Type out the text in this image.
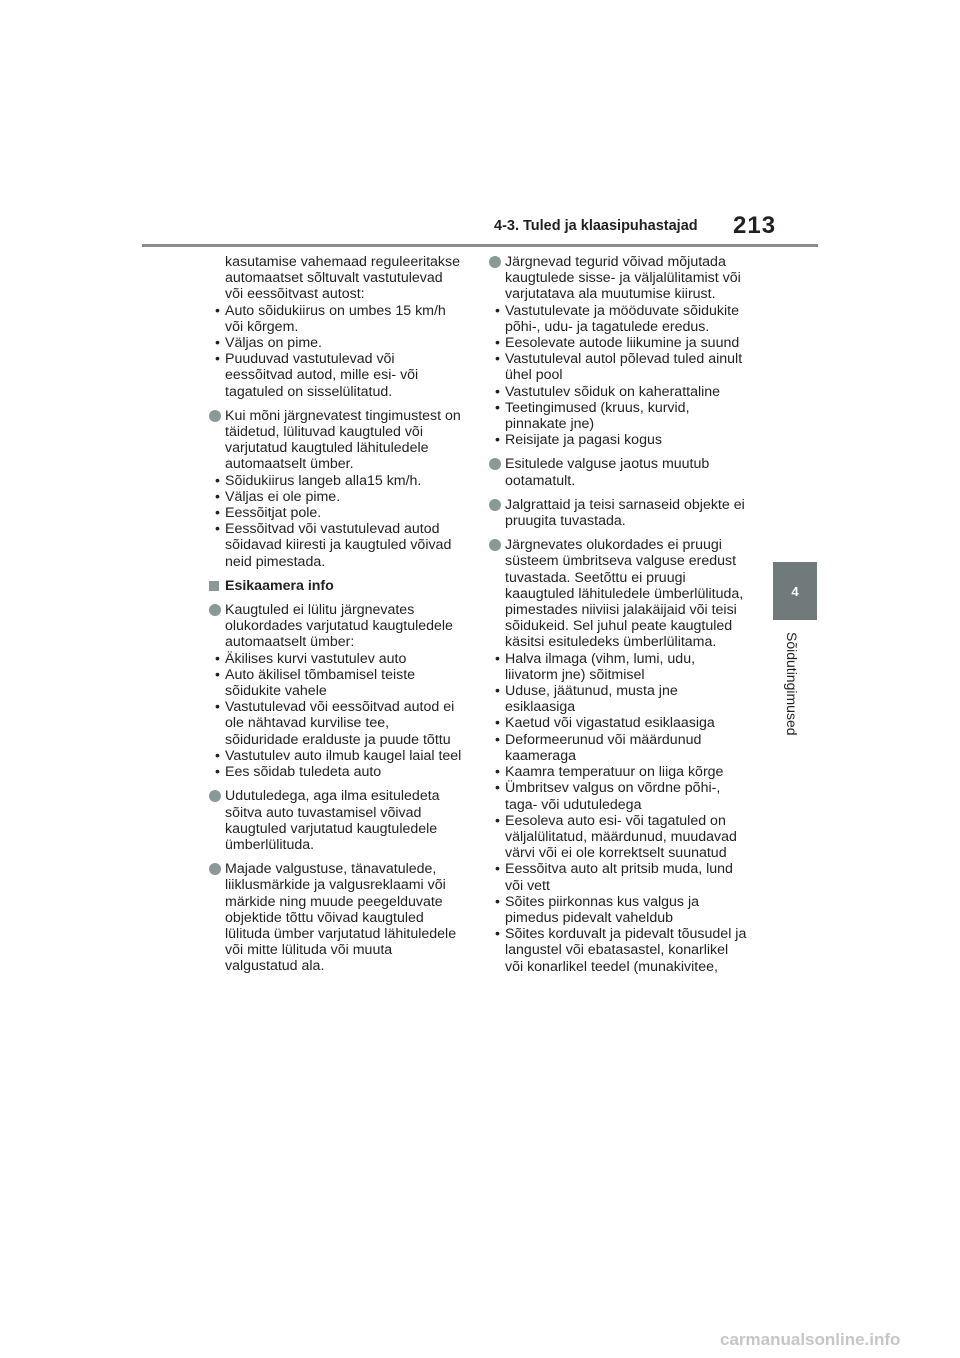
4-3. Tuled ja klaasipuhastajad 213
4
Sõidutingimused
kasutamise vahemaad reguleeritakse
automaatset sõltuvalt vastutulevad
või eessõitvast autost:
• Auto sõidukiirus on umbes 15 km/h
või kõrgem.
• Väljas on pime.
• Puuduvad vastutulevad või
eessõitvad autod, mille esi- või
tagatuled on sisselülitatud.
Kui mõni järgnevatest tingimustest on
täidetud, lülituvad kaugtuled või
varjutatud kaugtuled lähituledele
automaatselt ümber.
• Sõidukiirus langeb alla15 km/h.
• Väljas ei ole pime.
• Eessõitjat pole.
• Eessõitvad või vastutulevad autod
sõidavad kiiresti ja kaugtuled võivad
neid pimestada.
Esikaamera info
Kaugtuled ei lülitu järgnevates
olukordades varjutatud kaugtuledele
automaatselt ümber:
• Äkilises kurvi vastutulev auto
• Auto äkilisel tõmbamisel teiste
sõidukite vahele
• Vastutulevad või eessõitvad autod ei
ole nähtavad kurvilise tee,
sõiduridade eralduste ja puude tõttu
• Vastutulev auto ilmub kaugel laial teel
• Ees sõidab tuledeta auto
Udutuledega, aga ilma esituledeta
sõitva auto tuvastamisel võivad
kaugtuled varjutatud kaugtuledele
ümberlülituda.
Majade valgustuse, tänavatulede,
liiklusmärkide ja valgusreklaami või
märkide ning muude peegelduvate
objektide tõttu võivad kaugtuled
lülituda ümber varjutatud lähituledele
või mitte lülituda või muuta
valgustatud ala.
Järgnevad tegurid võivad mõjutada
kaugtulede sisse- ja väljalülitamist või
varjutatava ala muutumise kiirust.
• Vastutulevate ja mööduvate sõidukite
põhi-, udu- ja tagatulede eredus.
• Eesolevate autode liikumine ja suund
• Vastutuleval autol põlevad tuled ainult
ühel pool
• Vastutulev sõiduk on kaherattaline
• Teetingimused (kruus, kurvid,
pinnakate jne)
• Reisijate ja pagasi kogus
Esitulede valguse jaotus muutub
ootamatult.
Jalgrattaid ja teisi sarnaseid objekte ei
pruugita tuvastada.
Järgnevates olukordades ei pruugi
süsteem ümbritseva valguse eredust
tuvastada. Seetõttu ei pruugi
kaaugtuled lähituledele ümberlülituda,
pimestades niiviisi jalakäijaid või teisi
sõidukeid. Sel juhul peate kaugtuled
käsitsi esituledeks ümberlülitama.
• Halva ilmaga (vihm, lumi, udu,
liivatorm jne) sõitmisel
• Uduse, jäätunud, musta jne
esiklaasiga
• Kaetud või vigastatud esiklaasiga
• Deformeerunud või määrdunud
kaameraga
• Kaamra temperatuur on liiga kõrge
• Ümbritsev valgus on võrdne põhi-,
taga- või udutuledega
• Eesoleva auto esi- või tagatuled on
väljalülitatud, määrdunud, muudavad
värvi või ei ole korrektselt suunatud
• Eessõitva auto alt pritsib muda, lund
või vett
• Sõites piirkonnas kus valgus ja
pimedus pidevalt vaheldub
• Sõites korduvalt ja pidevalt tõusudel ja
langustel või ebatasastel, konarlikel
või konarlikel teedel (munakivitee,
carmanualsonline.info
